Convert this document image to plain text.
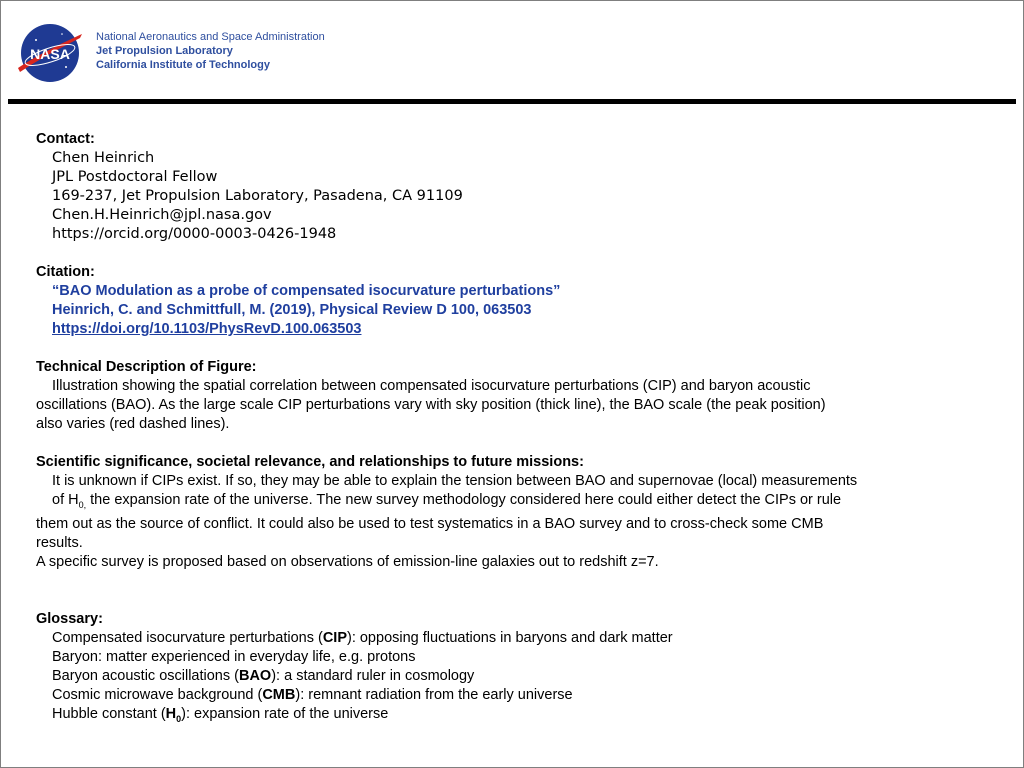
NASA
National Aeronautics and Space Administration
Jet Propulsion Laboratory
California Institute of Technology
Contact:
Chen Heinrich
JPL Postdoctoral Fellow
169-237, Jet Propulsion Laboratory, Pasadena, CA 91109
Chen.H.Heinrich@jpl.nasa.gov
https://orcid.org/0000-0003-0426-1948
Citation:
“BAO Modulation as a probe of compensated isocurvature perturbations”
Heinrich, C. and Schmittfull, M. (2019), Physical Review D 100, 063503
https://doi.org/10.1103/PhysRevD.100.063503
Technical Description of Figure:
Illustration showing the spatial correlation between compensated isocurvature perturbations (CIP) and baryon acoustic
oscillations (BAO). As the large scale CIP perturbations vary with sky position (thick line), the BAO scale (the peak position)
also varies (red dashed lines).
Scientific significance, societal relevance, and relationships to future missions:
It is unknown if CIPs exist. If so, they may be able to explain the tension between BAO and supernovae (local) measurements
of $H_{0,}$ the expansion rate of the universe. The new survey methodology considered here could either detect the CIPs or rule
them out as the source of conflict. It could also be used to test systematics in a BAO survey and to cross-check some CMB
results.
A specific survey is proposed based on observations of emission-line galaxies out to redshift z=7.
Glossary:
Compensated isocurvature perturbations (CIP): opposing fluctuations in baryons and dark matter
Baryon: matter experienced in everyday life, e.g. protons
Baryon acoustic oscillations (BAO): a standard ruler in cosmology
Cosmic microwave background (CMB): remnant radiation from the early universe
Hubble constant $(H_0)$: expansion rate of the universe
